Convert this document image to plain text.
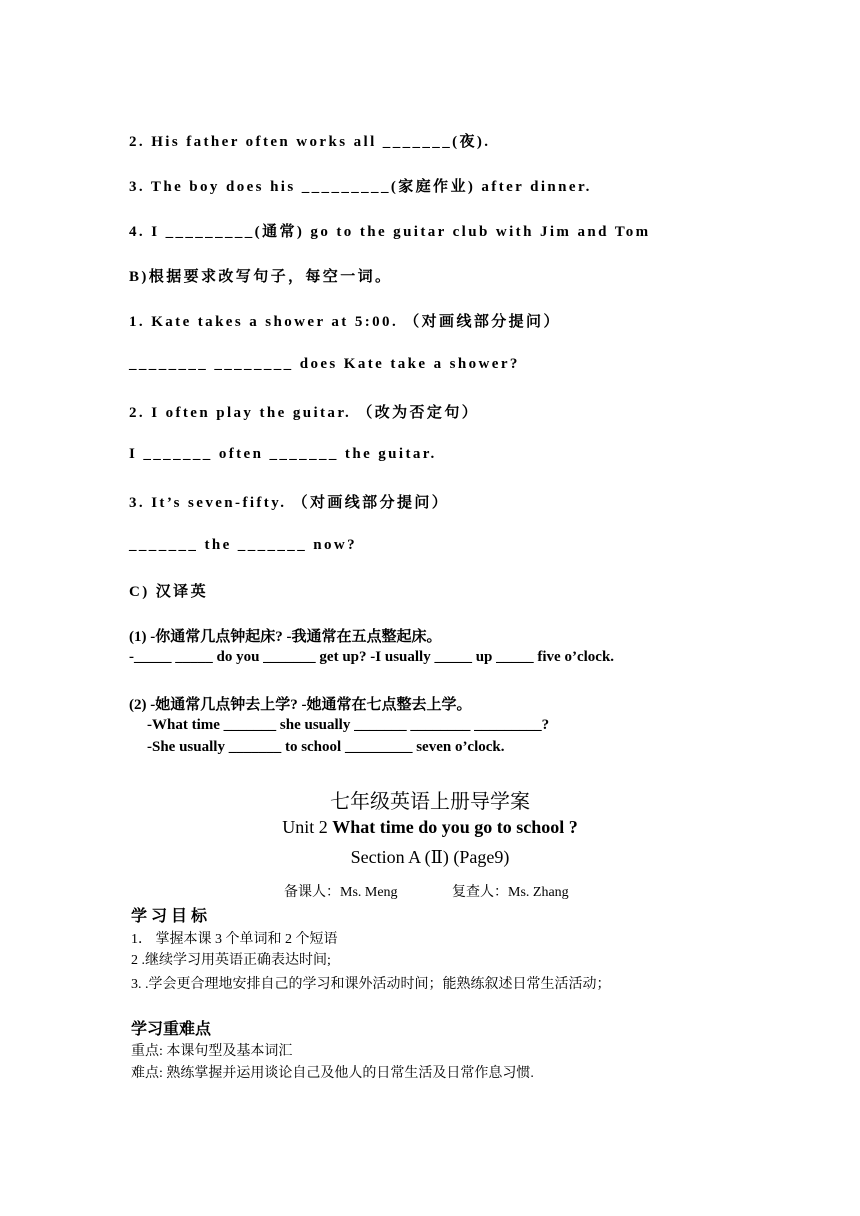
2. His father often works all _______(夜).
3. The boy does his _________(家庭作业) after dinner.
4. I _________(通常) go to the guitar club with Jim and Tom
B)根据要求改写句子，每空一词。
1. Kate takes a shower at 5:00. （对画线部分提问）
________ ________ does Kate take a shower?
2. I often play the guitar. （改为否定句）
I _______ often _______ the guitar.
3. It’s seven-fifty. （对画线部分提问）
_______ the _______ now?
C) 汉译英
(1) -你通常几点钟起床? -我通常在五点整起床。
-_____ _____ do you _______ get up? -I usually _____ up _____ five o’clock.
(2) -她通常几点钟去上学? -她通常在七点整去上学。
-What time _______ she usually _______ ________ _________?
-She usually _______ to school _________ seven o’clock.
七年级英语上册导学案
Unit 2 What time do you go to school ?
Section A (Ⅱ) (Page9)
备课人：Ms. Meng	复查人：Ms. Zhang
学 习 目 标
1． 掌握本课 3 个单词和 2 个短语
2 .继续学习用英语正确表达时间;
3. .学会更合理地安排自己的学习和课外活动时间；能熟练叙述日常生活活动；
学习重难点
重点: 本课句型及基本词汇
难点: 熟练掌握并运用谈论自己及他人的日常生活及日常作息习惯.
